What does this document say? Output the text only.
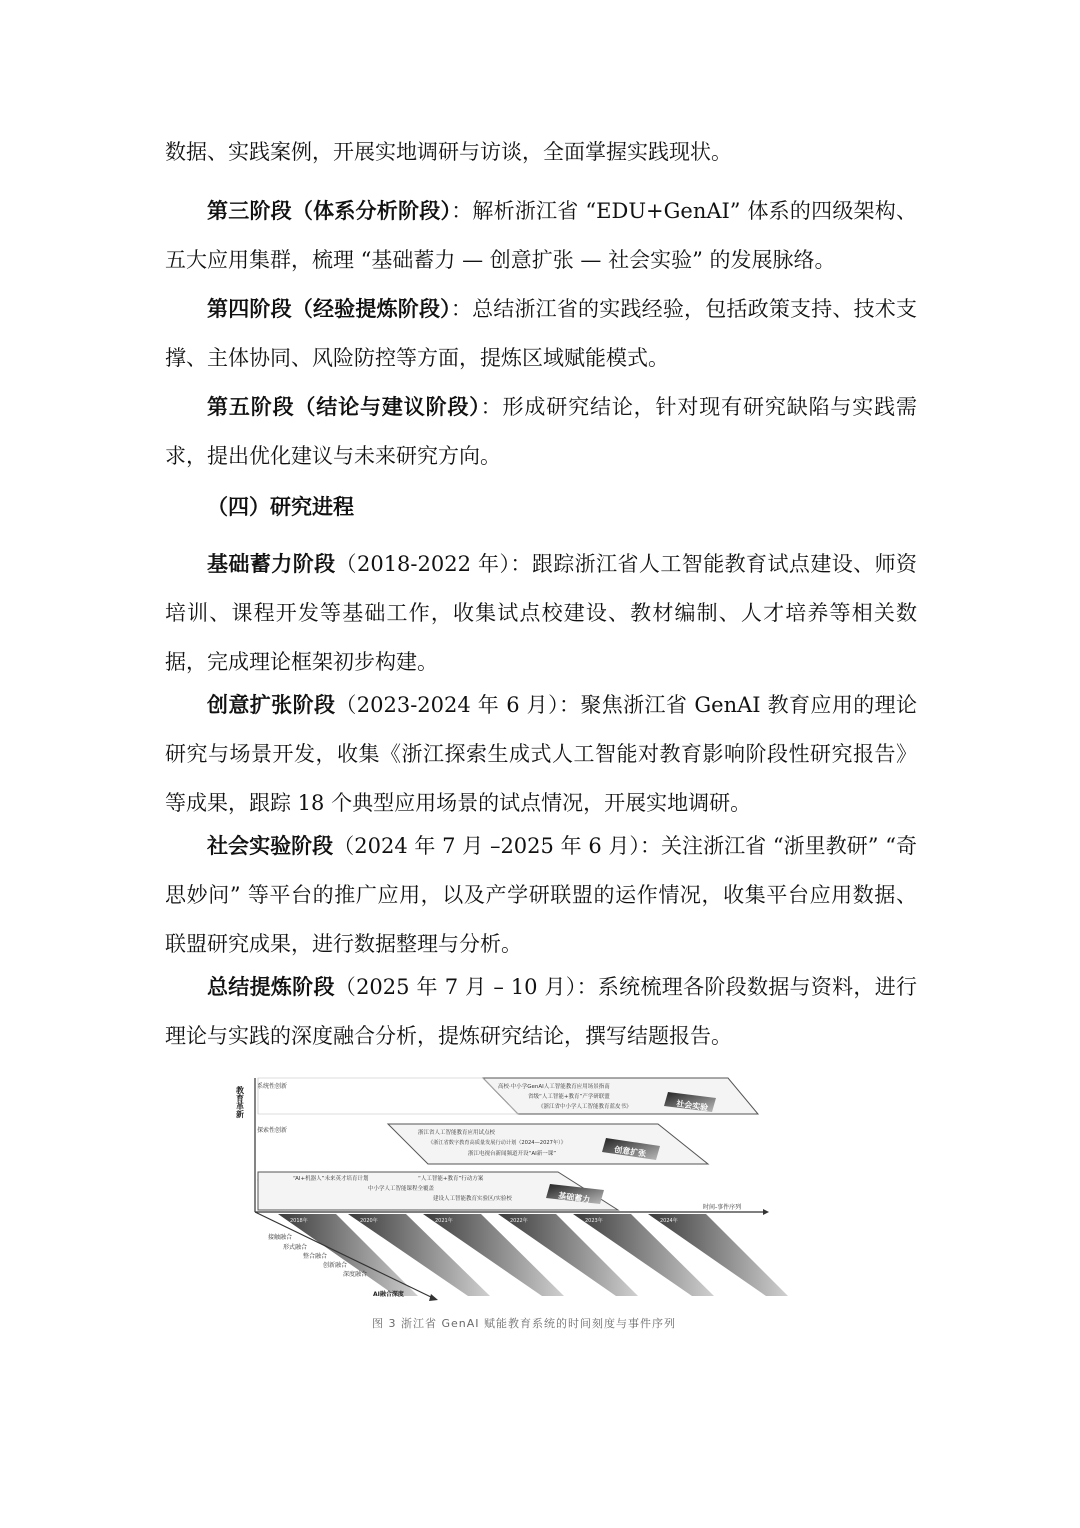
数据、实践案例，开展实地调研与访谈，全面掌握实践现状。

第三阶段（体系分析阶段）：解析浙江省 “EDU+GenAI” 体系的四级架构、五大应用集群，梳理 “基础蓄力 — 创意扩张 — 社会实验” 的发展脉络。

第四阶段（经验提炼阶段）：总结浙江省的实践经验，包括政策支持、技术支撑、主体协同、风险防控等方面，提炼区域赋能模式。

第五阶段（结论与建议阶段）：形成研究结论，针对现有研究缺陷与实践需求，提出优化建议与未来研究方向。

（四）研究进程

基础蓄力阶段（2018-2022 年）：跟踪浙江省人工智能教育试点建设、师资培训、课程开发等基础工作，收集试点校建设、教材编制、人才培养等相关数据，完成理论框架初步构建。

创意扩张阶段（2023-2024 年 6 月）：聚焦浙江省 GenAI 教育应用的理论研究与场景开发，收集《浙江探索生成式人工智能对教育影响阶段性研究报告》等成果，跟踪 18 个典型应用场景的试点情况，开展实地调研。

社会实验阶段（2024 年 7 月 –2025 年 6 月）：关注浙江省 “浙里教研” “奇思妙问” 等平台的推广应用，以及产学研联盟的运作情况，收集平台应用数据、联盟研究成果，进行数据整理与分析。

总结提炼阶段（2025 年 7 月 – 10 月）：系统梳理各阶段数据与资料，进行理论与实践的深度融合分析，提炼研究结论，撰写结题报告。

教育革新 系统性创新	高校·中小学GenAI人工智能教育应用场景指南
省级“人工智能+教育”产学研联盟
《浙江省中小学人工智能教育蓝皮书》	社会实验
探索性创新	浙江省人工智能教育应用试点校
《浙江省数字教育高质量发展行动计划（2024—2027年）》
浙江电视台新闻频道开设“AI新一课”	创意扩张
“AI+机器人”未来英才培育计划	“人工智能+教育”行动方案
中小学人工智能课程全覆盖
建设人工智能教育实验区/实验校	基础蓄力
时间-事件序列
2018年	2020年	2021年	2022年	2023年	2024年
接触融合
形式融合
整合融合
创新融合
深度融合
AI融合深度
图 3 浙江省 GenAI 赋能教育系统的时间刻度与事件序列
